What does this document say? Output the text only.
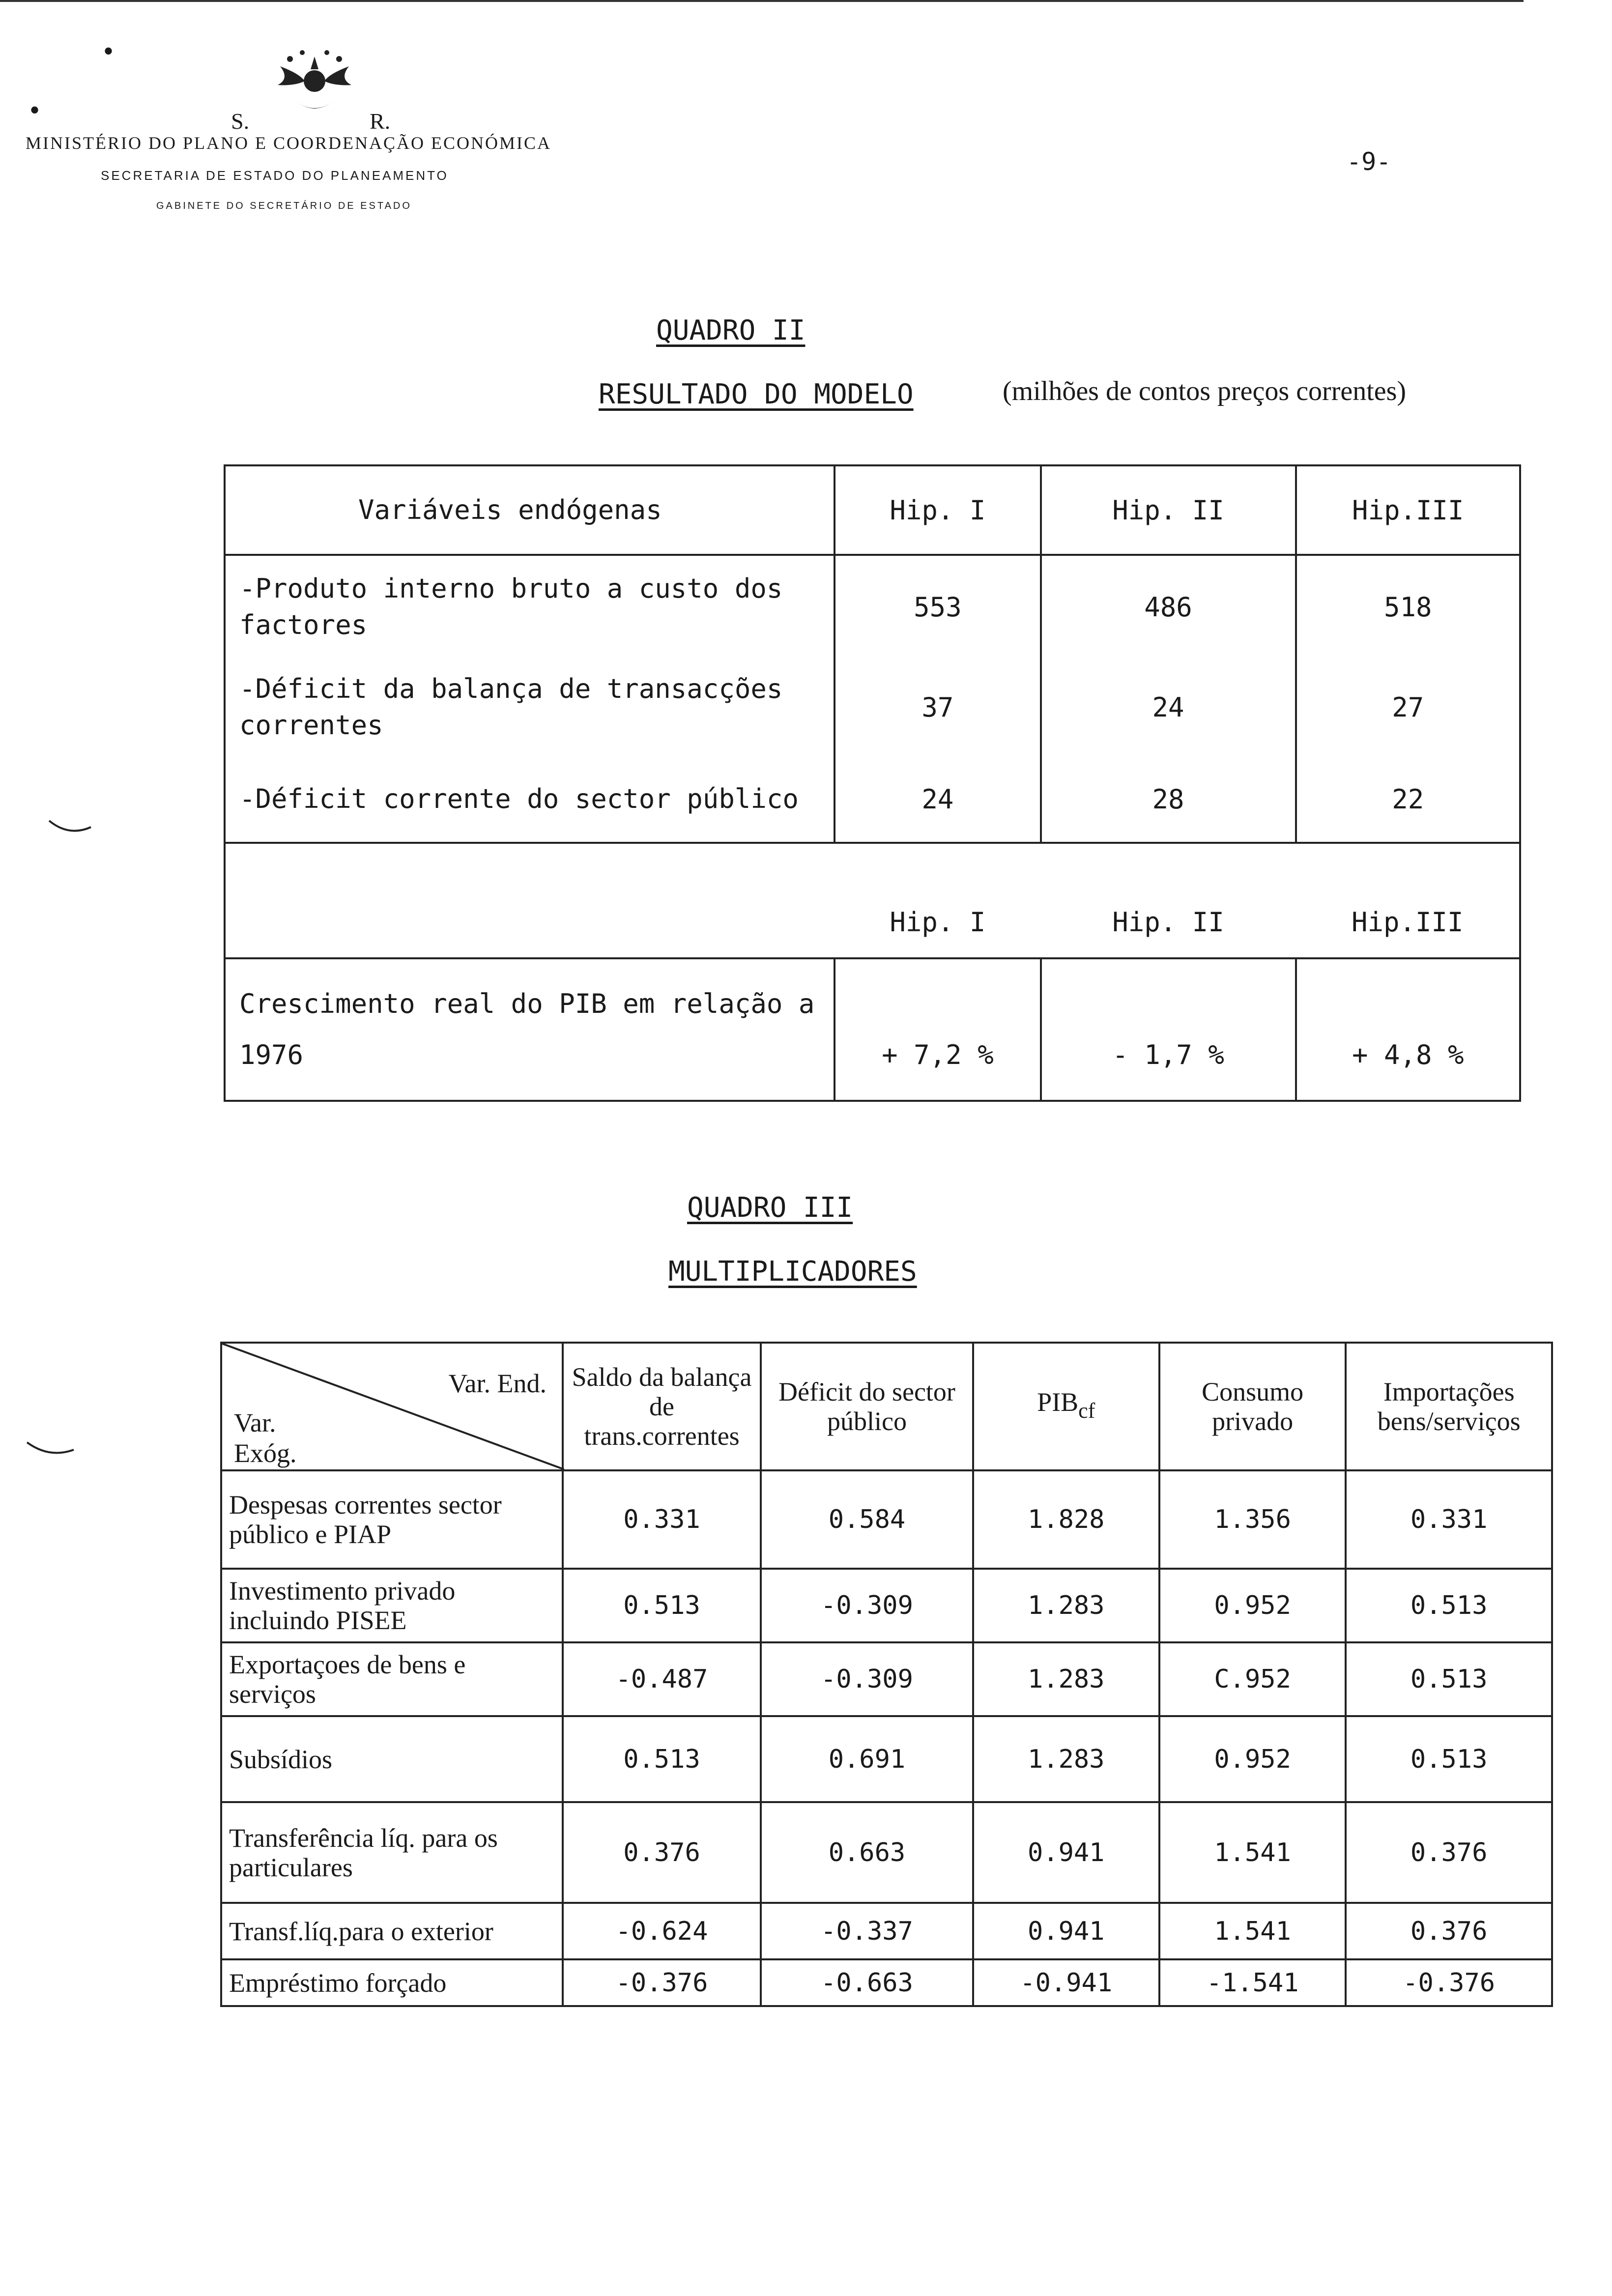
S.	R.
•
•
MINISTÉRIO DO PLANO E COORDENAÇÃO ECONÓMICA
SECRETARIA DE ESTADO DO PLANEAMENTO
GABINETE DO SECRETÁRIO DE ESTADO
-9-
QUADRO II
RESULTADO DO MODELO	(milhões de contos preços correntes)
Variáveis endógenas	Hip. I	Hip. II	Hip.III
-Produto interno bruto a custo dos factores	553	486	518
-Déficit da balança de transacções correntes	37	24	27
-Déficit corrente do sector público	24	28	22
	Hip. I	Hip. II	Hip.III
Crescimento real do PIB em relação a 1976	+ 7,2 %	- 1,7 %	+ 4,8 %
QUADRO III
MULTIPLICADORES
Var. End.
Var. Exóg.	Saldo da balança de trans.correntes	Déficit do sector público	$PIB_{cf}$	Consumo privado	Importações bens/serviços
Despesas correntes sector público e PIAP	0.331	0.584	1.828	1.356	0.331
Investimento privado incluindo PISEE	0.513	-0.309	1.283	0.952	0.513
Exportaçoes de bens e serviços	-0.487	-0.309	1.283	C.952	0.513
Subsídios	0.513	0.691	1.283	0.952	0.513
Transferência líq. para os particulares	0.376	0.663	0.941	1.541	0.376
Transf.líq.para o exterior	-0.624	-0.337	0.941	1.541	0.376
Empréstimo forçado	-0.376	-0.663	-0.941	-1.541	-0.376
